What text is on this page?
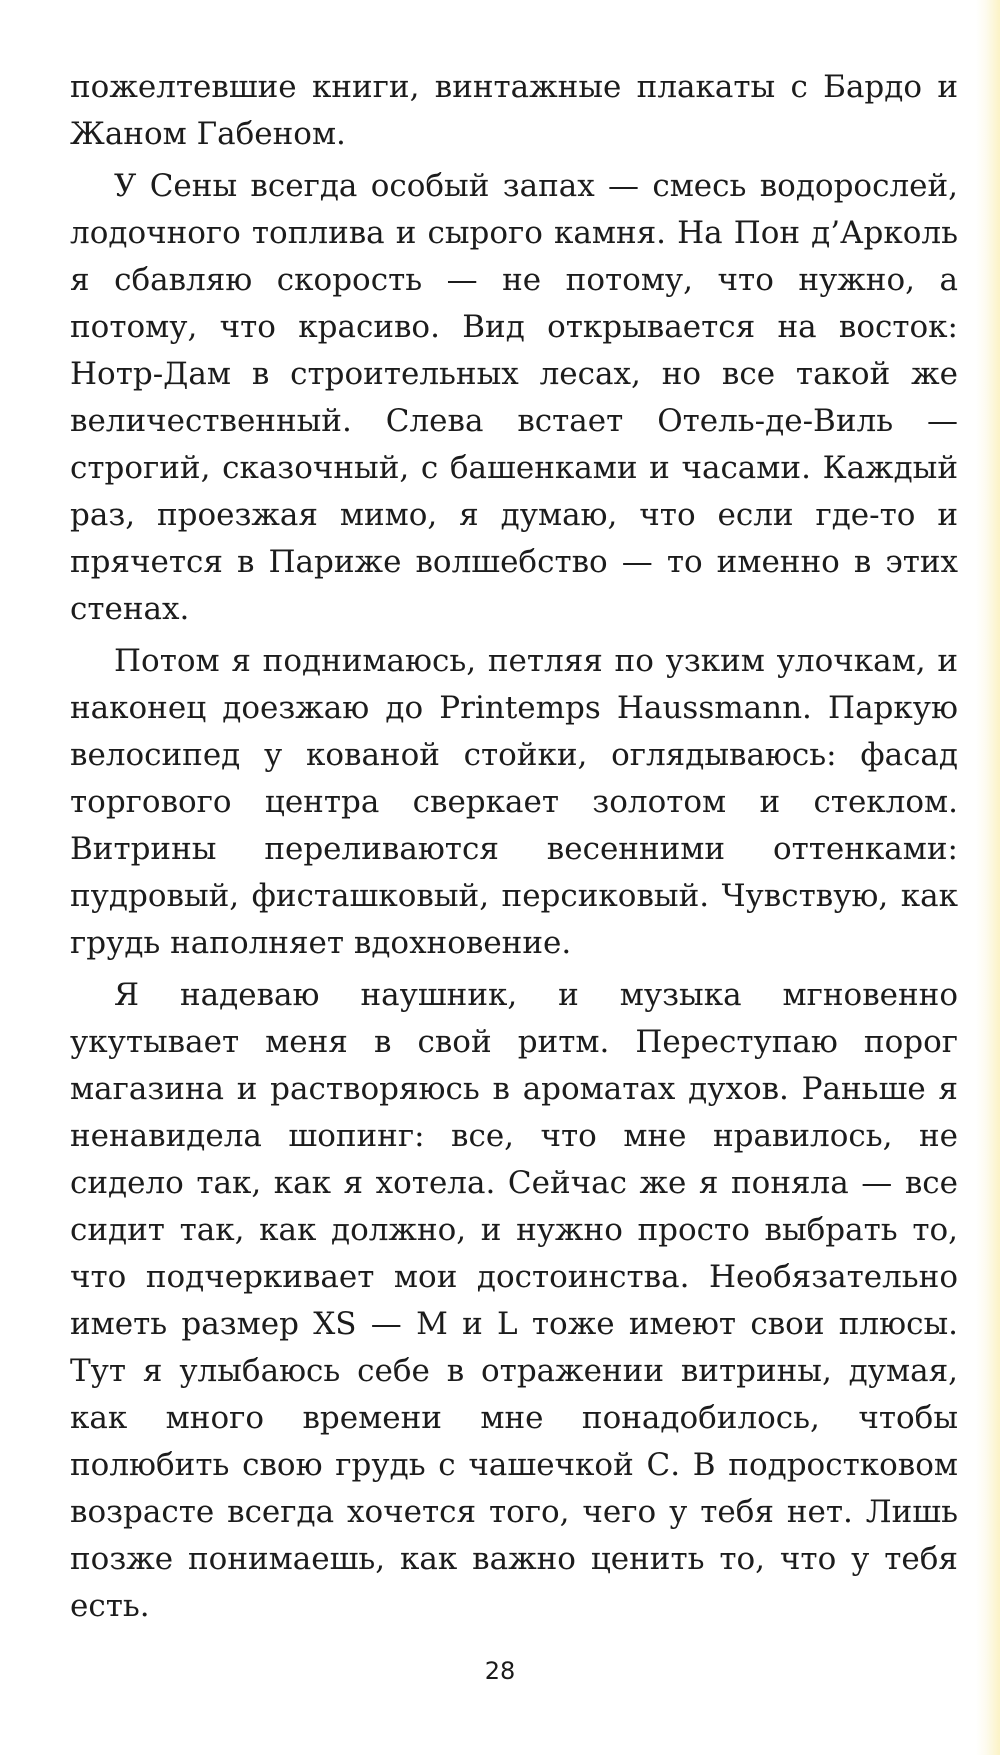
пожелтевшие книги, винтажные плакаты с Бардо и Жаном Габеном.

У Сены всегда особый запах — смесь водорослей, лодочного топлива и сырого камня. На Пон д’Арколь я сбавляю скорость — не потому, что нужно, а потому, что красиво. Вид открывается на восток: Нотр-Дам в строительных лесах, но все такой же величественный. Слева встает Отель-де-Виль — строгий, сказочный, с башенками и часами. Каждый раз, проезжая мимо, я думаю, что если где-то и прячется в Париже волшебство — то именно в этих стенах.

Потом я поднимаюсь, петляя по узким улочкам, и наконец доезжаю до Printemps Haussmann. Паркую велосипед у кованой стойки, оглядываюсь: фасад торгового центра сверкает золотом и стеклом. Витрины переливаются весенними оттенками: пудровый, фисташковый, персиковый. Чувствую, как грудь наполняет вдохновение.

Я надеваю наушник, и музыка мгновенно укутывает меня в свой ритм. Переступаю порог магазина и растворяюсь в ароматах духов. Раньше я ненавидела шопинг: все, что мне нравилось, не сидело так, как я хотела. Сейчас же я поняла — все сидит так, как должно, и нужно просто выбрать то, что подчеркивает мои достоинства. Необязательно иметь размер XS — M и L тоже имеют свои плюсы. Тут я улыбаюсь себе в отражении витрины, думая, как много времени мне понадобилось, чтобы полюбить свою грудь с чашечкой С. В подростковом возрасте всегда хочется того, чего у тебя нет. Лишь позже понимаешь, как важно ценить то, что у тебя есть.

28
